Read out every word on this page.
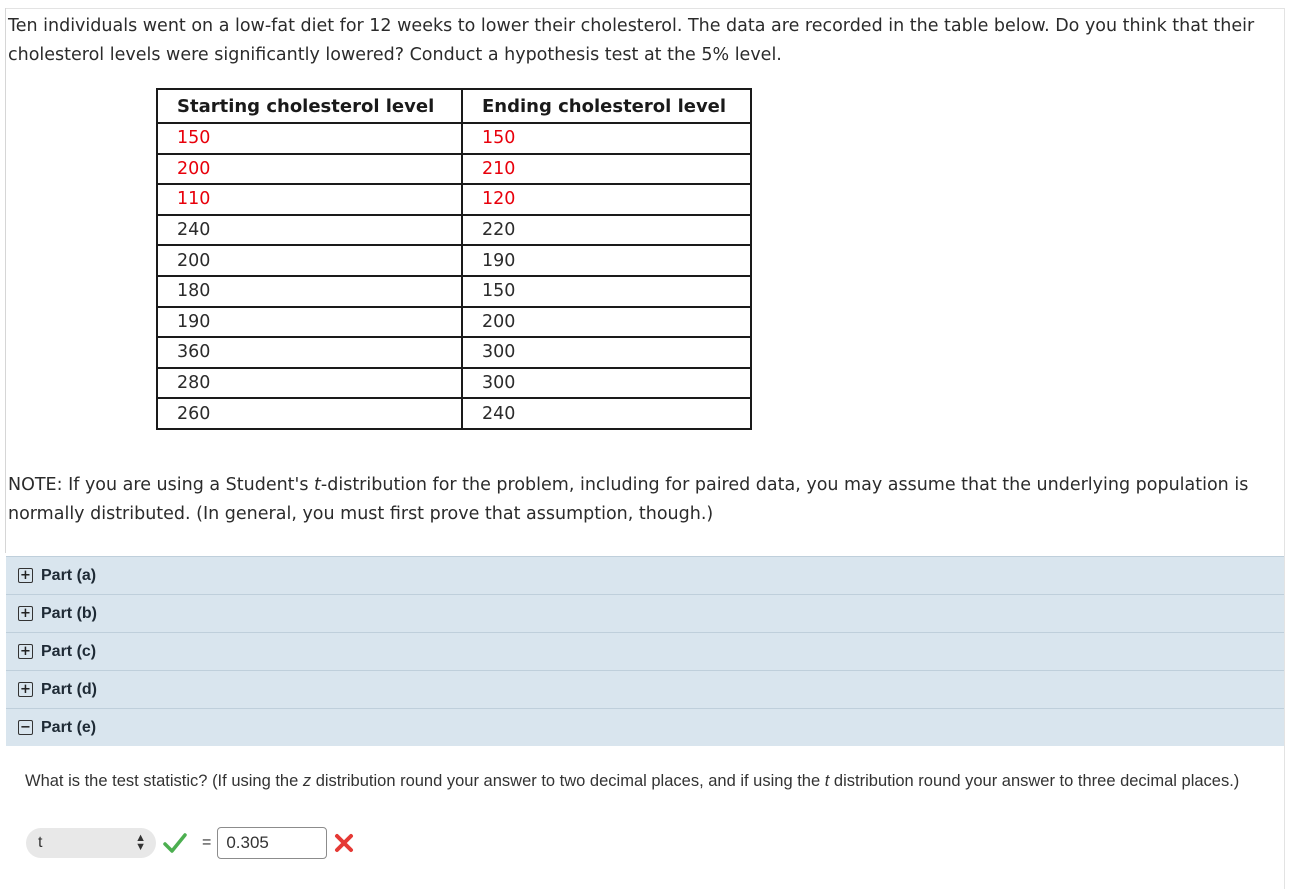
Ten individuals went on a low-fat diet for 12 weeks to lower their cholesterol. The data are recorded in the table below. Do you think that their cholesterol levels were significantly lowered? Conduct a hypothesis test at the 5% level.
Starting cholesterol level	Ending cholesterol level
150	150
200	210
110	120
240	220
200	190
180	150
190	200
360	300
280	300
260	240
NOTE: If you are using a Student's t-distribution for the problem, including for paired data, you may assume that the underlying population is normally distributed. (In general, you must first prove that assumption, though.)
+ Part (a)
+ Part (b)
+ Part (c)
+ Part (d)
− Part (e)
What is the test statistic? (If using the z distribution round your answer to two decimal places, and if using the t distribution round your answer to three decimal places.)
t	▲
▼	= 0.305
